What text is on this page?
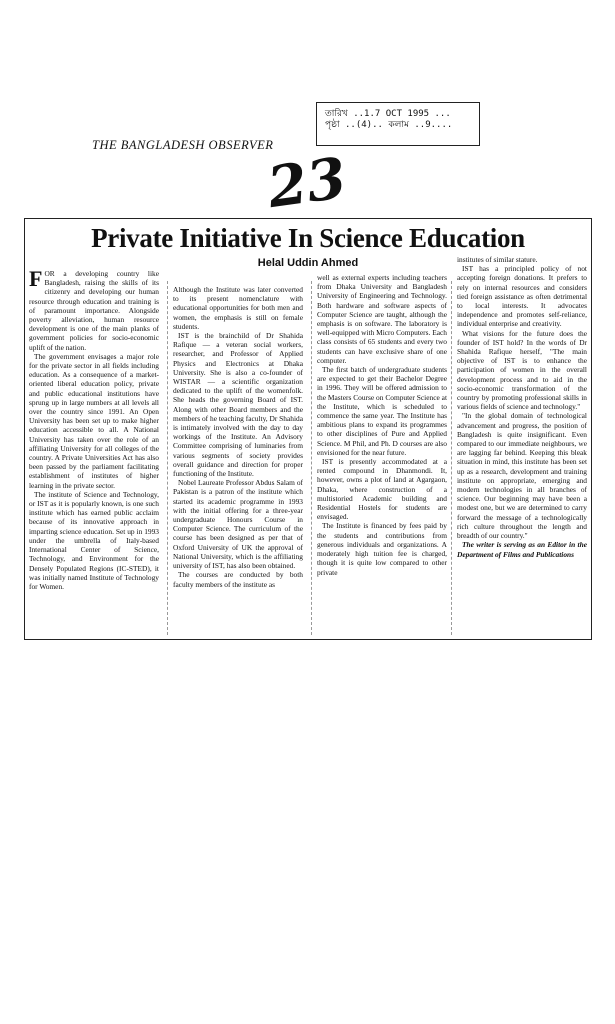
THE BANGLADESH OBSERVER
তারিখ ..1.7 OCT 1995 ...
পৃষ্ঠা ..(4).. কলাম ..9....
23
Private Initiative In Science Education

FOR a developing country like Bangladesh, raising the skills of its citizenry and developing our human resource through education and training is of paramount importance. Alongside poverty alleviation, human resource development is one of the main planks of government policies for socio-economic uplift of the nation.

The government envisages a major role for the private sector in all fields including education. As a consequence of a market-oriented liberal education policy, private and public educational institutions have sprung up in large numbers at all levels all over the country since 1991. An Open University has been set up to make higher education accessible to all. A National University has taken over the role of an affiliating University for all colleges of the country. A Private Universities Act has also been passed by the parliament facilitating establishment of institutes of higher learning in the private sector.

The institute of Science and Technology, or IST as it is popularly known, is one such institute which has earned public acclaim because of its innovative approach in imparting science education. Set up in 1993 under the umbrella of Italy-based International Center of Science, Technology, and Environment for the Densely Populated Regions (IC-STED), it was initially named Institute of Technology for Women.

Although the Institute was later converted to its present nomenclature with educational opportunities for both men and women, the emphasis is still on female students.

IST is the brainchild of Dr Shahida Rafique — a veteran social workers, researcher, and Professor of Applied Physics and Electronics at Dhaka University. She is also a co-founder of WISTAR — a scientific organization dedicated to the uplift of the womenfolk. She heads the governing Board of IST. Along with other Board members and the members of he teaching faculty, Dr Shahida is intimately involved with the day to day workings of the Institute. An Advisory Committee comprising of luminaries from various segments of society provides overall guidance and direction for proper functioning of the Institute.

Nobel Laureate Professor Abdus Salam of Pakistan is a patron of the institute which started its academic programme in 1993 with the initial offering for a three-year undergraduate Honours Course in Computer Science. The curriculum of the course has been designed as per that of Oxford University of UK the approval of National University, which is the affiliating university of IST, has also been obtained.

The courses are conducted by both faculty members of the institute as

well as external experts including teachers from Dhaka University and Bangladesh University of Engineering and Technology. Both hardware and software aspects of Computer Science are taught, although the emphasis is on software. The laboratory is well-equipped with Micro Computers. Each class consists of 65 students and every two students can have exclusive share of one computer.

The first batch of undergraduate students are expected to get their Bachelor Degree in 1996. They will be offered admission to the Masters Course on Computer Science at the Institute, which is scheduled to commence the same year. The Institute has ambitious plans to expand its programmes to other disciplines of Pure and Applied Science. M Phil, and Ph. D courses are also envisioned for the near future.

IST is presently accommodated at a rented compound in Dhanmondi. It, however, owns a plot of land at Agargaon, Dhaka, where construction of a multistoried Academic building and Residential Hostels for students are envisaged.

The Institute is financed by fees paid by the students and contributions from generous individuals and organizations. A moderately high tuition fee is charged, though it is quite low compared to other private

institutes of similar stature.

IST has a principled policy of not accepting foreign donations. It prefers to rely on internal resources and considers tied foreign assistance as often detrimental to local interests. It advocates independence and promotes self-reliance, individual enterprise and creativity.

What visions for the future does the founder of IST hold? In the words of Dr Shahida Rafique herself, "The main objective of IST is to enhance the participation of women in the overall development process and to aid in the socio-economic transformation of the country by promoting professional skills in various fields of science and technology."

"In the global domain of technological advancement and progress, the position of Bangladesh is quite insignificant. Even compared to our immediate neighbours, we are lagging far behind. Keeping this bleak situation in mind, this institute has been set up as a research, development and training institute on appropriate, emerging and modern technologies in all branches of science. Our beginning may have been a modest one, but we are determined to carry forward the message of a technologically rich culture throughout the length and breadth of our country."

The writer is serving as an Editor in the Department of Films and Publications

Helal Uddin Ahmed
